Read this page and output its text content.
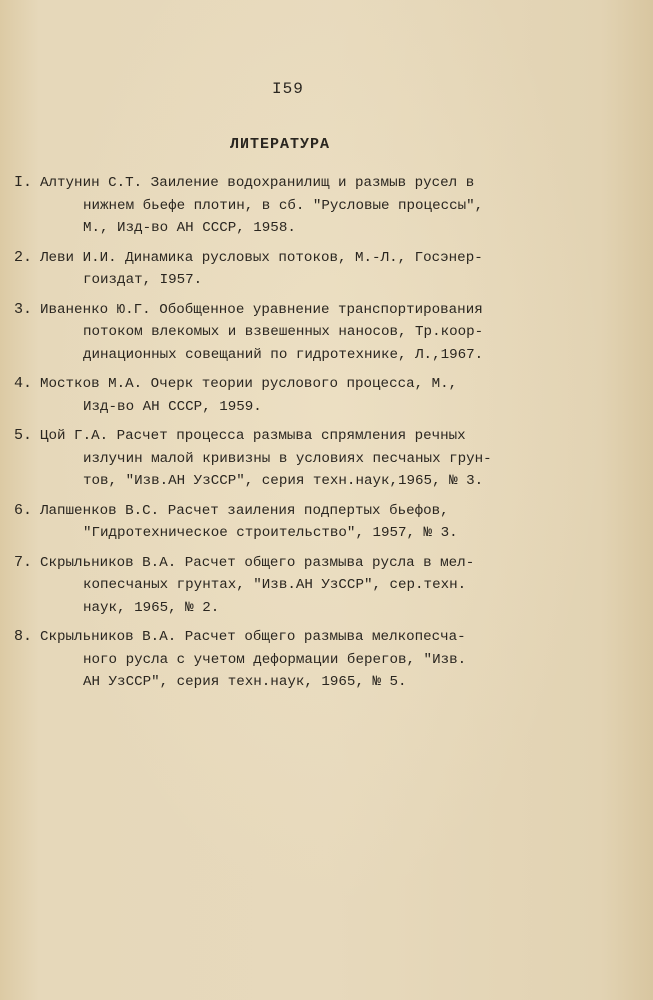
I59
ЛИТЕРАТУРА
I. Алтунин С.Т. Заиление водохранилищ и размыв русел в
нижнем бьефе плотин, в сб. "Русловые процессы",
М., Изд-во АН СССР, 1958.
2. Леви И.И. Динамика русловых потоков, М.-Л., Госэнер-
гоиздат, I957.
3. Иваненко Ю.Г. Обобщенное уравнение транспортирования
потоком влекомых и взвешенных наносов, Тр.коор-
динационных совещаний по гидротехнике, Л.,1967.
4. Мостков М.А. Очерк теории руслового процесса, М.,
Изд-во АН СССР, 1959.
5. Цой Г.А. Расчет процесса размыва спрямления речных
излучин малой кривизны в условиях песчаных грун-
тов, "Изв.АН УзССР", серия техн.наук,1965, № 3.
6. Лапшенков В.С. Расчет заиления подпертых бьефов,
"Гидротехническое строительство", 1957, № 3.
7. Скрыльников В.А. Расчет общего размыва русла в мел-
копесчаных грунтах, "Изв.АН УзССР", сер.техн.
наук, 1965, № 2.
8. Скрыльников В.А. Расчет общего размыва мелкопесча-
ного русла с учетом деформации берегов, "Изв.
АН УзССР", серия техн.наук, 1965, № 5.
